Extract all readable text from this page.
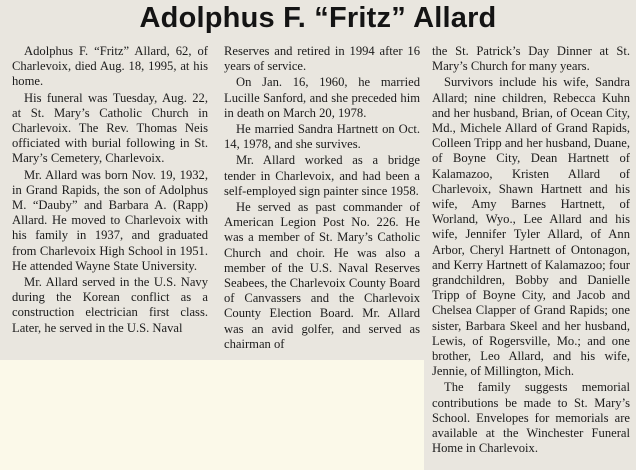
Adolphus F. “Fritz” Allard

Adolphus F. “Fritz” Allard, 62, of Charlevoix, died Aug. 18, 1995, at his home.

His funeral was Tuesday, Aug. 22, at St. Mary’s Catholic Church in Charlevoix. The Rev. Thomas Neis officiated with burial following in St. Mary’s Cemetery, Charlevoix.

Mr. Allard was born Nov. 19, 1932, in Grand Rapids, the son of Adolphus M. “Dauby” and Barbara A. (Rapp) Allard. He moved to Charlevoix with his family in 1937, and graduated from Charlevoix High School in 1951. He attended Wayne State University.

Mr. Allard served in the U.S. Navy during the Korean conflict as a construction electrician first class. Later, he served in the U.S. Naval

Reserves and retired in 1994 after 16 years of service.

On Jan. 16, 1960, he married Lucille Sanford, and she preceded him in death on March 20, 1978.

He married Sandra Hartnett on Oct. 14, 1978, and she survives.

Mr. Allard worked as a bridge tender in Charlevoix, and had been a self-employed sign painter since 1958.

He served as past commander of American Legion Post No. 226. He was a member of St. Mary’s Catholic Church and choir. He was also a member of the U.S. Naval Reserves Seabees, the Charlevoix County Board of Canvassers and the Charlevoix County Election Board. Mr. Allard was an avid golfer, and served as chairman of

the St. Patrick’s Day Dinner at St. Mary’s Church for many years.

Survivors include his wife, Sandra Allard; nine children, Rebecca Kuhn and her husband, Brian, of Ocean City, Md., Michele Allard of Grand Rapids, Colleen Tripp and her husband, Duane, of Boyne City, Dean Hartnett of Kalamazoo, Kristen Allard of Charlevoix, Shawn Hartnett and his wife, Amy Barnes Hartnett, of Worland, Wyo., Lee Allard and his wife, Jennifer Tyler Allard, of Ann Arbor, Cheryl Hartnett of Ontonagon, and Kerry Hartnett of Kalamazoo; four grandchildren, Bobby and Danielle Tripp of Boyne City, and Jacob and Chelsea Clapper of Grand Rapids; one sister, Barbara Skeel and her husband, Lewis, of Rogersville, Mo.; and one brother, Leo Allard, and his wife, Jennie, of Millington, Mich.

The family suggests memorial contributions be made to St. Mary’s School. Envelopes for memorials are available at the Winchester Funeral Home in Charlevoix.
